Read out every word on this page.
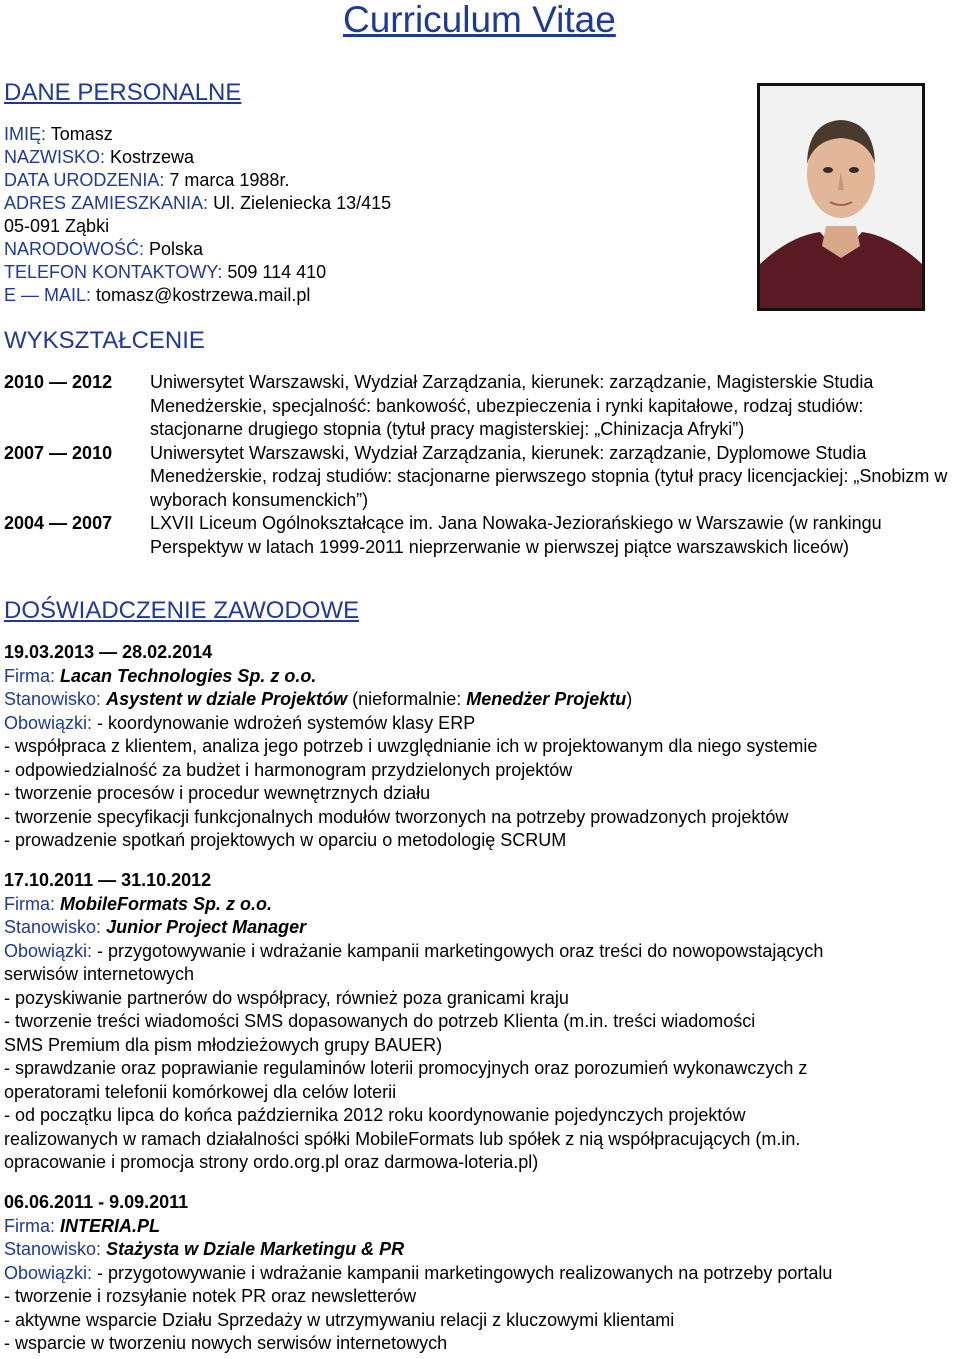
Curriculum Vitae
DANE PERSONALNE

IMIĘ: Tomasz

NAZWISKO: Kostrzewa

DATA URODZENIA: 7 marca 1988r.

ADRES ZAMIESZKANIA: Ul. Zieleniecka 13/415

05-091 Ząbki

NARODOWOŚĆ: Polska

TELEFON KONTAKTOWY: 509 114 410

E — MAIL: tomasz@kostrzewa.mail.pl

WYKSZTAŁCENIE
2010 — 2012	Uniwersytet Warszawski, Wydział Zarządzania, kierunek: zarządzanie, Magisterskie Studia Menedżerskie, specjalność: bankowość, ubezpieczenia i rynki kapitałowe, rodzaj studiów: stacjonarne drugiego stopnia (tytuł pracy magisterskiej: „Chinizacja Afryki”)
2007 — 2010	Uniwersytet Warszawski, Wydział Zarządzania, kierunek: zarządzanie, Dyplomowe Studia Menedżerskie, rodzaj studiów: stacjonarne pierwszego stopnia (tytuł pracy licencjackiej: „Snobizm w wyborach konsumenckich”)
2004 — 2007	LXVII Liceum Ogólnokształcące im. Jana Nowaka-Jeziorańskiego w Warszawie (w rankingu Perspektyw w latach 1999-2011 nieprzerwanie w pierwszej piątce warszawskich liceów)
DOŚWIADCZENIE ZAWODOWE

19.03.2013 — 28.02.2014

Firma: Lacan Technologies Sp. z o.o.

Stanowisko: Asystent w dziale Projektów (nieformalnie: Menedżer Projektu)

Obowiązki: - koordynowanie wdrożeń systemów klasy ERP

- współpraca z klientem, analiza jego potrzeb i uwzględnianie ich w projektowanym dla niego systemie

- odpowiedzialność za budżet i harmonogram przydzielonych projektów

- tworzenie procesów i procedur wewnętrznych działu

- tworzenie specyfikacji funkcjonalnych modułów tworzonych na potrzeby prowadzonych projektów

- prowadzenie spotkań projektowych w oparciu o metodologię SCRUM

17.10.2011 — 31.10.2012

Firma: MobileFormats Sp. z o.o.

Stanowisko: Junior Project Manager

Obowiązki: - przygotowywanie i wdrażanie kampanii marketingowych oraz treści do nowopowstających

serwisów internetowych

- pozyskiwanie partnerów do współpracy, również poza granicami kraju

- tworzenie treści wiadomości SMS dopasowanych do potrzeb Klienta (m.in. treści wiadomości

SMS Premium dla pism młodzieżowych grupy BAUER)

- sprawdzanie oraz poprawianie regulaminów loterii promocyjnych oraz porozumień wykonawczych z

operatorami telefonii komórkowej dla celów loterii

- od początku lipca do końca października 2012 roku koordynowanie pojedynczych projektów

realizowanych w ramach działalności spółki MobileFormats lub spółek z nią współpracujących (m.in.

opracowanie i promocja strony ordo.org.pl oraz darmowa-loteria.pl)

06.06.2011 - 9.09.2011

Firma: INTERIA.PL

Stanowisko: Stażysta w Dziale Marketingu & PR

Obowiązki: - przygotowywanie i wdrażanie kampanii marketingowych realizowanych na potrzeby portalu

- tworzenie i rozsyłanie notek PR oraz newsletterów

- aktywne wsparcie Działu Sprzedaży w utrzymywaniu relacji z kluczowymi klientami

- wsparcie w tworzeniu nowych serwisów internetowych
